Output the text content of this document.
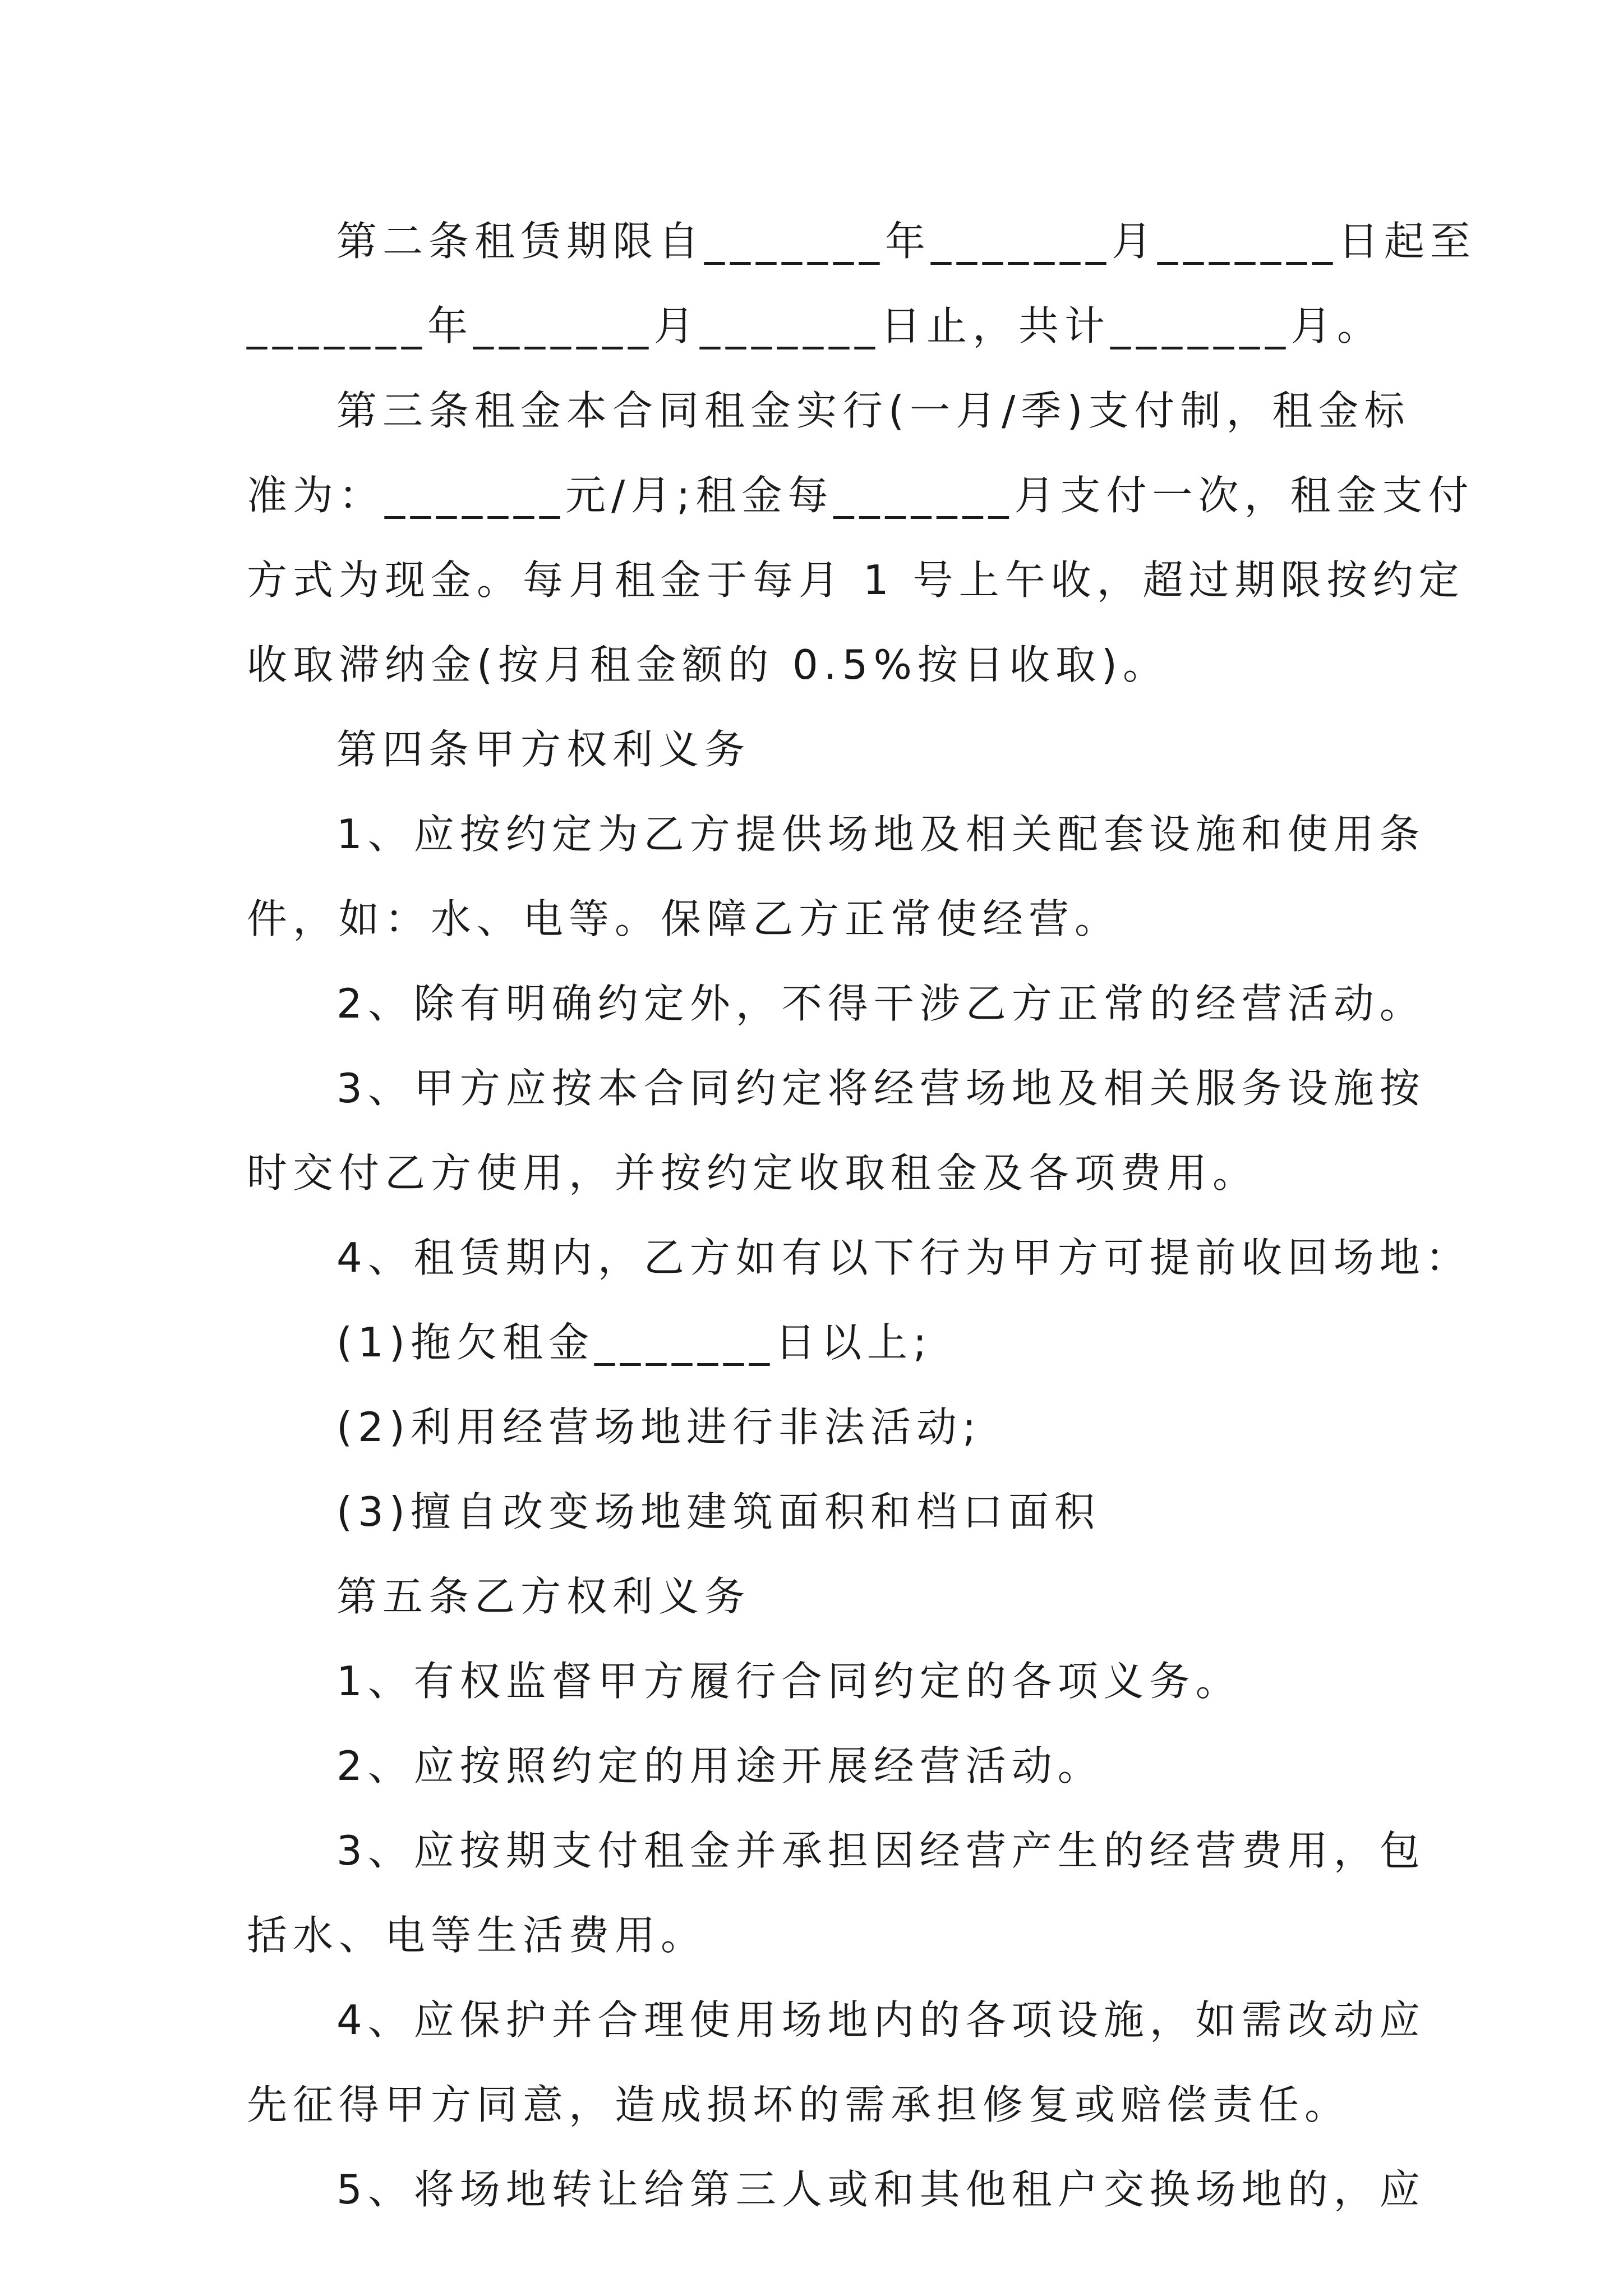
第二条租赁期限自_______年_______月_______日起至
_______年_______月_______日止，共计_______月。
第三条租金本合同租金实行(一月/季)支付制，租金标
准为：_______元/月;租金每_______月支付一次，租金支付
方式为现金。每月租金于每月 1 号上午收，超过期限按约定
收取滞纳金(按月租金额的 0.5%按日收取)。
第四条甲方权利义务
1、应按约定为乙方提供场地及相关配套设施和使用条
件，如：水、电等。保障乙方正常使经营。
2、除有明确约定外，不得干涉乙方正常的经营活动。
3、甲方应按本合同约定将经营场地及相关服务设施按
时交付乙方使用，并按约定收取租金及各项费用。
4、租赁期内，乙方如有以下行为甲方可提前收回场地：
(1)拖欠租金_______日以上;
(2)利用经营场地进行非法活动;
(3)擅自改变场地建筑面积和档口面积
第五条乙方权利义务
1、有权监督甲方履行合同约定的各项义务。
2、应按照约定的用途开展经营活动。
3、应按期支付租金并承担因经营产生的经营费用，包
括水、电等生活费用。
4、应保护并合理使用场地内的各项设施，如需改动应
先征得甲方同意，造成损坏的需承担修复或赔偿责任。
5、将场地转让给第三人或和其他租户交换场地的，应
